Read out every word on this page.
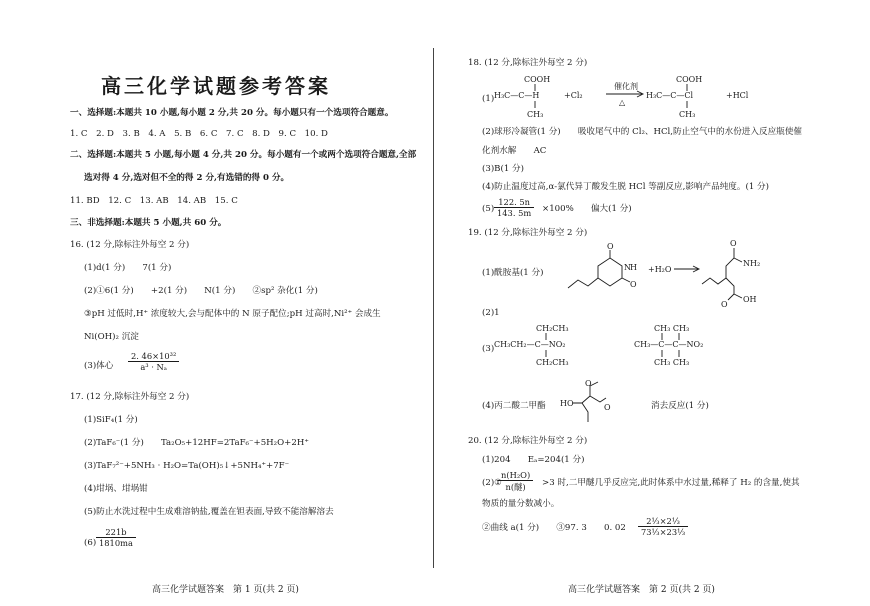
高三化学试题参考答案
一、选择题:本题共 10 小题,每小题 2 分,共 20 分。每小题只有一个选项符合题意。
1. C　2. D　3. B　4. A　5. B　6. C　7. C　8. D　9. C　10. D
二、选择题:本题共 5 小题,每小题 4 分,共 20 分。每小题有一个或两个选项符合题意,全部
选对得 4 分,选对但不全的得 2 分,有选错的得 0 分。
11. BD　12. C　13. AB　14. AB　15. C
三、非选择题:本题共 5 小题,共 60 分。
16. (12 分,除标注外每空 2 分)
(1)d(1 分)　　7(1 分)
(2)①6(1 分)　　+2(1 分)　　N(1 分)　　②sp² 杂化(1 分)
③pH 过低时,H⁺ 浓度较大,会与配体中的 N 原子配位;pH 过高时,Ni²⁺ 会成生
Ni(OH)₂ 沉淀
(3)体心 $\frac{\text{2. 46×10³²}}{\text{a³ · Nₐ}}$
17. (12 分,除标注外每空 2 分)
(1)SiF₄(1 分)
(2)TaF₆⁻(1 分)　　Ta₂O₅+12HF=2TaF₆⁻+5H₂O+2H⁺
(3)TaF₇²⁻+5NH₃ · H₂O=Ta(OH)₅↓+5NH₄⁺+7F⁻
(4)坩埚、坩埚钳
(5)防止水洗过程中生成难溶钠盐,覆盖在钽表面,导致不能溶解溶去
$(6) \frac{221b}{1810ma}$
高三化学试题答案　第 1 页(共 2 页)
18. (12 分,除标注外每空 2 分)
(1)
COOH
H₃C—C—H
CH₃
+Cl₂
催化剂
△
COOH
H₃C—C—Cl
CH₃
+HCl
(2)球形冷凝管(1 分)　　吸收尾气中的 Cl₂、HCl,防止空气中的水份进入反应瓶使催
化剂水解　　AC
(3)B(1 分)
(4)防止温度过高,α-氯代异丁酸发生脱 HCl 等副反应,影响产品纯度。(1 分)
$(5) \frac{122. 5n}{143. 5m} \times 100\%$　　偏大(1 分)
19. (12 分,除标注外每空 2 分)
(1)酰胺基(1 分)
O
O
N H +H₂O
O
NH₂
OH
O
(2)1
(3)
CH₂CH₃
CH₃CH₂—C—NO₂
CH₂CH₃
CH₃ CH₃
CH₃—C—C—NO₂
CH₃ CH₃
(4)丙二酸二甲酯 HO
O
O	消去反应(1 分)
20. (12 分,除标注外每空 2 分)
(1)204　　Eₐ=204(1 分)
(2)①
n(H₂O)
n(醚)	>3 时,二甲醚几乎反应完,此时体系中水过量,稀释了 H₂ 的含量,使其
物质的量分数减小。
②曲线 a(1 分)　　③97. 3　　0. $02 \frac{\text{2⅓×2⅓}}{\text{73⅓×23⅓}}$
高三化学试题答案　第 2 页(共 2 页)
